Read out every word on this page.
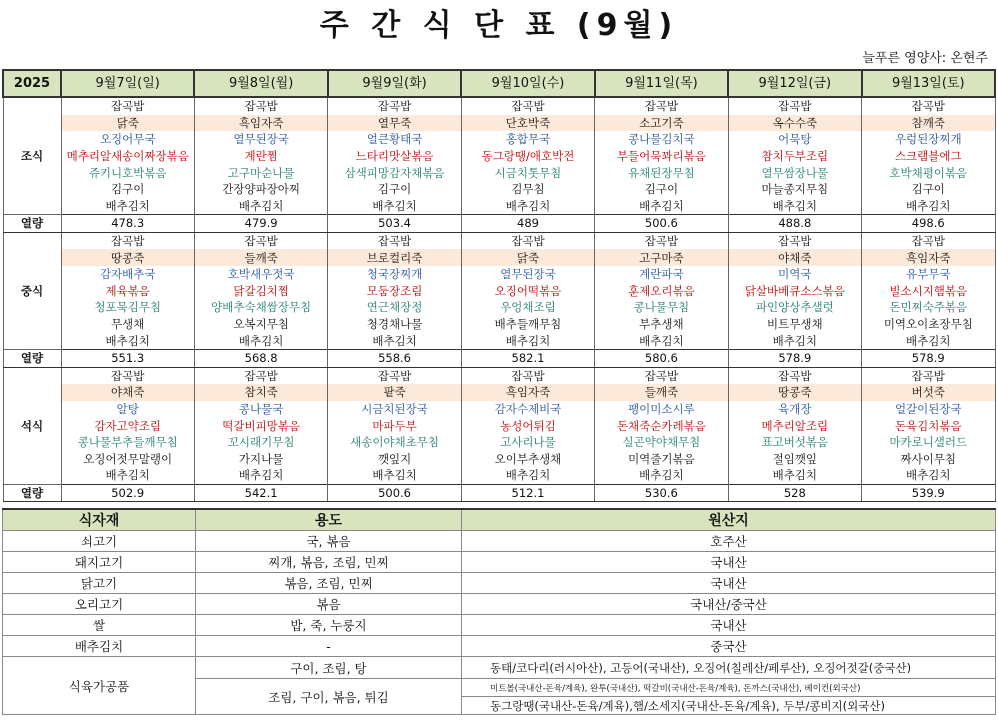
주 간 식 단 표 (9월)
늘푸른 영양사: 온현주
2025	9월7일(일)	9월8일(월)	9월9일(화)	9월10일(수)	9월11일(목)	9월12일(금)	9월13일(토)
조식	잡곡밥	잡곡밥	잡곡밥	잡곡밥	잡곡밥	잡곡밥	잡곡밥
	닭죽	흑임자죽	열무죽	단호박죽	소고기죽	옥수수죽	참깨죽
	오징어무국	열무된장국	얼큰황태국	홍합무국	콩나물김치국	어묵탕	우렁된장찌개
	메추리알새송이짜장볶음	계란찜	느타리맛살볶음	동그랑땡/애호박전	부들어묵꽈리볶음	참치두부조림	스크램블에그
	쥬키니호박볶음	고구마순나물	삼색피망감자채볶음	시금치톳무침	유채된장무침	열무쌈장나물	호박채평이볶음
	김구이	간장양파장아찌	김구이	김무침	김구이	마늘종지무침	김구이
	배추김치	배추김치	배추김치	배추김치	배추김치	배추김치	배추김치
열량	478.3	479.9	503.4	489	500.6	488.8	498.6
중식	잡곡밥	잡곡밥	잡곡밥	잡곡밥	잡곡밥	잡곡밥	잡곡밥
	땅콩죽	들깨죽	브로컬리죽	닭죽	고구마죽	야채죽	흑임자죽
	감자배추국	호박새우젓국	청국장찌개	열무된장국	계란파국	미역국	유부무국
	제육볶음	닭갈김치찜	모둠장조림	오징어떡볶음	훈제오리볶음	닭살바베큐소스볶음	빌소시지햄볶음
	청포묵김무침	양배추숙채쌈장무침	연근채장정	우엉채조림	콩나물무침	파인양상추샐럿	돈민찌숙주볶음
	무생채	오복지무침	청경채나물	배추들깨무침	부추생채	비트무생채	미역오이초장무침
	배추김치	배추김치	배추김치	배추김치	배추김치	배추김치	배추김치
열량	551.3	568.8	558.6	582.1	580.6	578.9	578.9
석식	잡곡밥	잡곡밥	잡곡밥	잡곡밥	잡곡밥	잡곡밥	잡곡밥
	야채죽	참치죽	팥죽	흑임자죽	들깨죽	땅콩죽	버섯죽
	알탕	콩나물국	시금치된장국	감자수제비국	팽이미소시루	육개장	얼갈이된장국
	감자고약조림	떡갈비피망볶음	마파두부	농성어튀김	돈채죽순카레볶음	메추리알조림	돈육김치볶음
	콩나물부추들깨무침	꼬시래기무침	새송이야채초무침	고사리나물	실곤약야채무침	표고버섯볶음	마카로니샐러드
	오징어젓무말랭이	가지나물	깻잎지	오이부추생채	미역줄기볶음	절임깻잎	짜사이무침
	배추김치	배추김치	배추김치	배추김치	배추김치	배추김치	배추김치
열량	502.9	542.1	500.6	512.1	530.6	528	539.9
식자재	용도	원산지
쇠고기	국, 볶음	호주산
돼지고기	찌개, 볶음, 조림, 민찌	국내산
닭고기	볶음, 조림, 민찌	국내산
오리고기	볶음	국내산/중국산
쌀	밥, 죽, 누룽지	국내산
배추김치	-	중국산
식육가공품	구이, 조림, 탕	동태/코다리(러시아산), 고등어(국내산), 오징어(칠레산/페루산), 오징어젓갈(중국산)
	조림, 구이, 볶음, 튀김	미트볼(국내산-돈육/계육), 완투(국내산), 떡갈비(국내산-돈육/계육), 돈까스(국내산), 베이컨(외국산)
		동그랑땡(국내산-돈육/계육),햄/소세지(국내산-돈육/계육), 두부/콩비지(외국산)
